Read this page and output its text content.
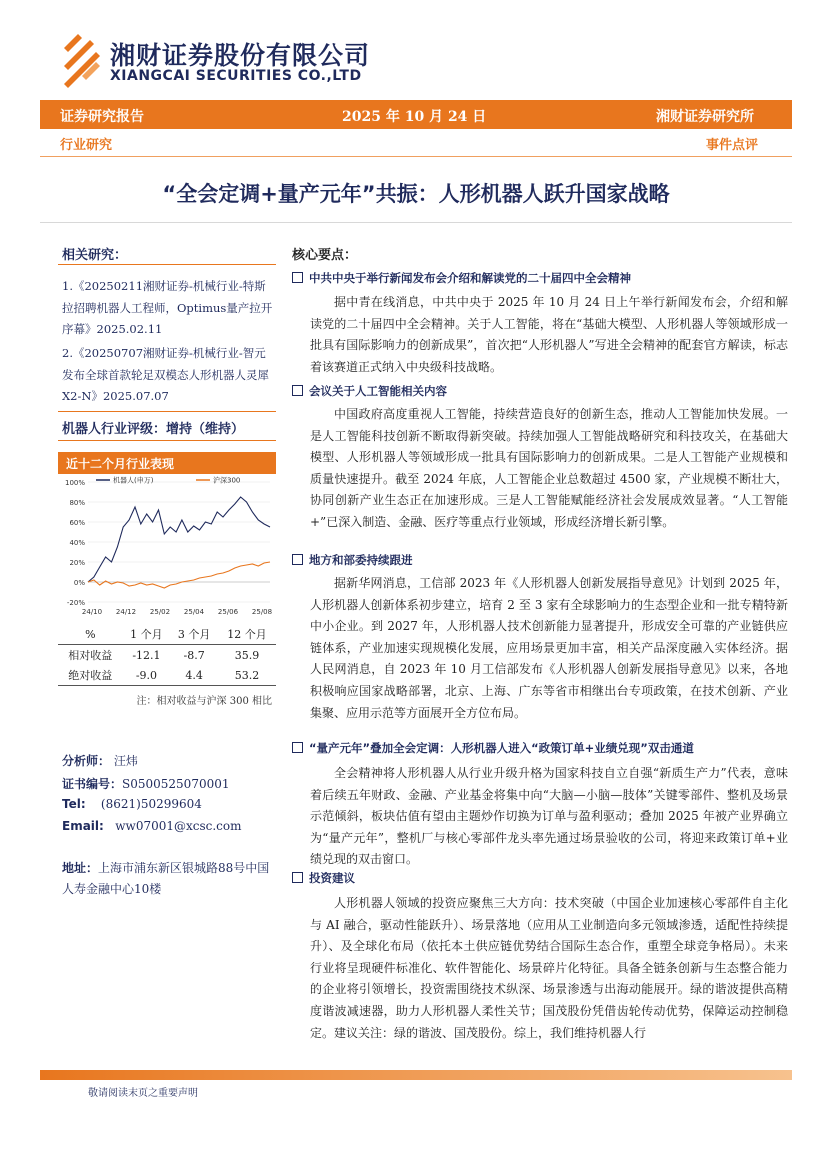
湘财证券股份有限公司
XIANGCAI SECURITIES CO.,LTD
证券研究报告	2025 年 10 月 24 日	湘财证券研究所
行业研究	事件点评
“全会定调+量产元年”共振：人形机器人跃升国家战略
相关研究：
1.《20250211湘财证券-机械行业-特斯拉招聘机器人工程师，Optimus量产拉开序幕》2025.02.11
2.《20250707湘财证券-机械行业-智元发布全球首款轮足双模态人形机器人灵犀X2-N》2025.07.07
机器人行业评级：增持（维持）
近十二个月行业表现
100%
80%
60%
40%
20%
0%
-20%
24/10 24/12 25/02 25/04 25/06 25/08
机器人(申万)	沪深300
%	1 个月	3 个月	12 个月
相对收益	-12.1	-8.7	35.9
绝对收益	-9.0	4.4	53.2
注：相对收益与沪深 300 相比
分析师： 汪炜
证书编号：S0500525070001
Tel: (8621)50299604
Email: ww07001@xcsc.com
地址：上海市浦东新区银城路88号中国人寿金融中心10楼
核心要点：
中共中央于举行新闻发布会介绍和解读党的二十届四中全会精神
据中青在线消息，中共中央于 2025 年 10 月 24 日上午举行新闻发布会，介绍和解读党的二十届四中全会精神。关于人工智能，将在“基础大模型、人形机器人等领域形成一批具有国际影响力的创新成果”，首次把“人形机器人”写进全会精神的配套官方解读，标志着该赛道正式纳入中央级科技战略。
会议关于人工智能相关内容
中国政府高度重视人工智能，持续营造良好的创新生态，推动人工智能加快发展。一是人工智能科技创新不断取得新突破。持续加强人工智能战略研究和科技攻关，在基础大模型、人形机器人等领域形成一批具有国际影响力的创新成果。二是人工智能产业规模和质量快速提升。截至 2024 年底，人工智能企业总数超过 4500 家，产业规模不断壮大，协同创新产业生态正在加速形成。三是人工智能赋能经济社会发展成效显著。“人工智能+”已深入制造、金融、医疗等重点行业领域，形成经济增长新引擎。
地方和部委持续跟进
据新华网消息，工信部 2023 年《人形机器人创新发展指导意见》计划到 2025 年，人形机器人创新体系初步建立，培育 2 至 3 家有全球影响力的生态型企业和一批专精特新中小企业。到 2027 年，人形机器人技术创新能力显著提升，形成安全可靠的产业链供应链体系，产业加速实现规模化发展，应用场景更加丰富，相关产品深度融入实体经济。据人民网消息，自 2023 年 10 月工信部发布《人形机器人创新发展指导意见》以来，各地积极响应国家战略部署，北京、上海、广东等省市相继出台专项政策，在技术创新、产业集聚、应用示范等方面展开全方位布局。
“量产元年”叠加全会定调：人形机器人进入“政策订单+业绩兑现”双击通道
全会精神将人形机器人从行业升级升格为国家科技自立自强“新质生产力”代表，意味着后续五年财政、金融、产业基金将集中向“大脑—小脑—肢体”关键零部件、整机及场景示范倾斜，板块估值有望由主题炒作切换为订单与盈利驱动；叠加 2025 年被产业界确立为“量产元年”，整机厂与核心零部件龙头率先通过场景验收的公司，将迎来政策订单+业绩兑现的双击窗口。
投资建议
人形机器人领域的投资应聚焦三大方向：技术突破（中国企业加速核心零部件自主化与 AI 融合，驱动性能跃升）、场景落地（应用从工业制造向多元领域渗透，适配性持续提升）、及全球化布局（依托本土供应链优势结合国际生态合作，重塑全球竞争格局）。未来行业将呈现硬件标准化、软件智能化、场景碎片化特征。具备全链条创新与生态整合能力的企业将引领增长，投资需围绕技术纵深、场景渗透与出海动能展开。绿的谐波提供高精度谐波减速器，助力人形机器人柔性关节；国茂股份凭借齿轮传动优势，保障运动控制稳定。建议关注：绿的谐波、国茂股份。综上，我们维持机器人行
敬请阅读末页之重要声明
